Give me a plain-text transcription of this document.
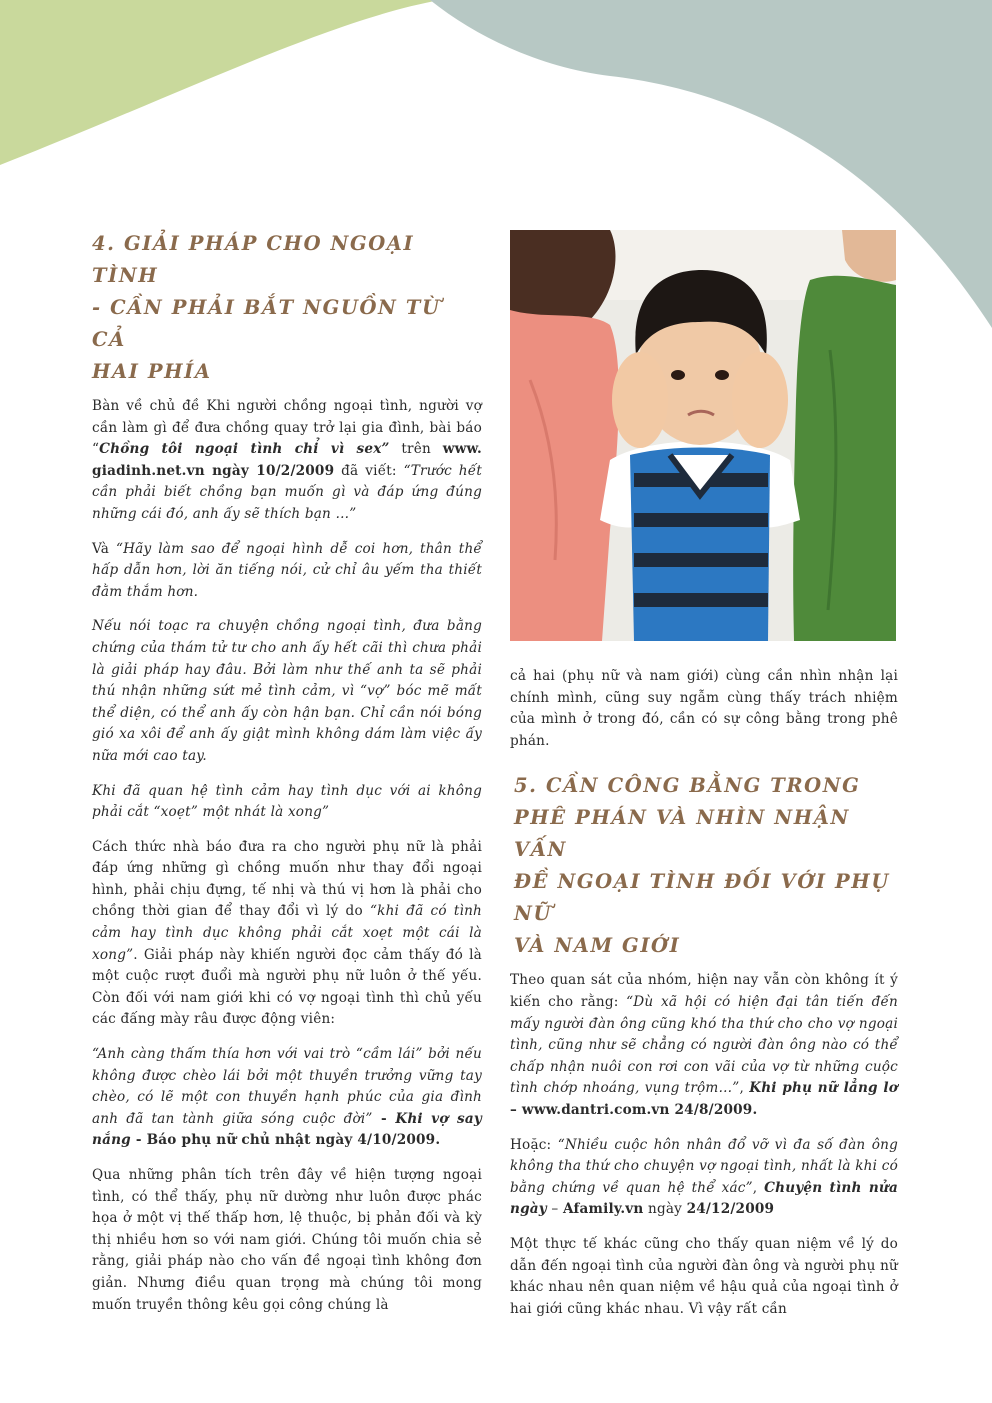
4. GIẢI PHÁP CHO NGOẠI TÌNH
- CẦN PHẢI BẮT NGUỒN TỪ CẢ
HAI PHÍA

Bàn về chủ đề Khi người chồng ngoại tình, người vợ cần làm gì để đưa chồng quay trở lại gia đình, bài báo “Chồng tôi ngoại tình chỉ vì sex” trên www. giadinh.net.vn ngày 10/2/2009 đã viết: “Trước hết cần phải biết chồng bạn muốn gì và đáp ứng đúng những cái đó, anh ấy sẽ thích bạn …”

Và “Hãy làm sao để ngoại hình dễ coi hơn, thân thể hấp dẫn hơn, lời ăn tiếng nói, cử chỉ âu yếm tha thiết đằm thắm hơn.

Nếu nói toạc ra chuyện chồng ngoại tình, đưa bằng chứng của thám tử tư cho anh ấy hết cãi thì chưa phải là giải pháp hay đâu. Bởi làm như thế anh ta sẽ phải thú nhận những sứt mẻ tình cảm, vì “vợ” bóc mẽ mất thể diện, có thể anh ấy còn hận bạn. Chỉ cần nói bóng gió xa xôi để anh ấy giật mình không dám làm việc ấy nữa mới cao tay.

Khi đã quan hệ tình cảm hay tình dục với ai không phải cắt “xoẹt” một nhát là xong”

Cách thức nhà báo đưa ra cho người phụ nữ là phải đáp ứng những gì chồng muốn như thay đổi ngoại hình, phải chịu đựng, tế nhị và thú vị hơn là phải cho chồng thời gian để thay đổi vì lý do “khi đã có tình cảm hay tình dục không phải cắt xoẹt một cái là xong”. Giải pháp này khiến người đọc cảm thấy đó là một cuộc rượt đuổi mà người phụ nữ luôn ở thế yếu. Còn đối với nam giới khi có vợ ngoại tình thì chủ yếu các đấng mày râu được động viên:

“Anh càng thấm thía hơn với vai trò “cầm lái” bởi nếu không được chèo lái bởi một thuyền trưởng vững tay chèo, có lẽ một con thuyền hạnh phúc của gia đình anh đã tan tành giữa sóng cuộc đời” - Khi vợ say nắng - Báo phụ nữ chủ nhật ngày 4/10/2009.

Qua những phân tích trên đây về hiện tượng ngoại tình, có thể thấy, phụ nữ dường như luôn được phác họa ở một vị thế thấp hơn, lệ thuộc, bị phản đối và kỳ thị nhiều hơn so với nam giới. Chúng tôi muốn chia sẻ rằng, giải pháp nào cho vấn đề ngoại tình không đơn giản. Nhưng điều quan trọng mà chúng tôi mong muốn truyền thông kêu gọi công chúng là

cả hai (phụ nữ và nam giới) cùng cần nhìn nhận lại chính mình, cũng suy ngẫm cùng thấy trách nhiệm của mình ở trong đó, cần có sự công bằng trong phê phán.

5. CẦN CÔNG BẰNG TRONG
PHÊ PHÁN VÀ NHÌN NHẬN VẤN
ĐỀ NGOẠI TÌNH ĐỐI VỚI PHỤ NỮ
VÀ NAM GIỚI

Theo quan sát của nhóm, hiện nay vẫn còn không ít ý kiến cho rằng: “Dù xã hội có hiện đại tân tiến đến mấy người đàn ông cũng khó tha thứ cho cho vợ ngoại tình, cũng như sẽ chẳng có người đàn ông nào có thể chấp nhận nuôi con rơi con vãi của vợ từ những cuộc tình chớp nhoáng, vụng trộm…”, Khi phụ nữ lẳng lơ – www.dantri.com.vn 24/8/2009.

Hoặc: “Nhiều cuộc hôn nhân đổ vỡ vì đa số đàn ông không tha thứ cho chuyện vợ ngoại tình, nhất là khi có bằng chứng về quan hệ thể xác”, Chuyện tình nửa ngày – Afamily.vn ngày 24/12/2009

Một thực tế khác cũng cho thấy quan niệm về lý do dẫn đến ngoại tình của người đàn ông và người phụ nữ khác nhau nên quan niệm về hậu quả của ngoại tình ở hai giới cũng khác nhau. Vì vậy rất cần
